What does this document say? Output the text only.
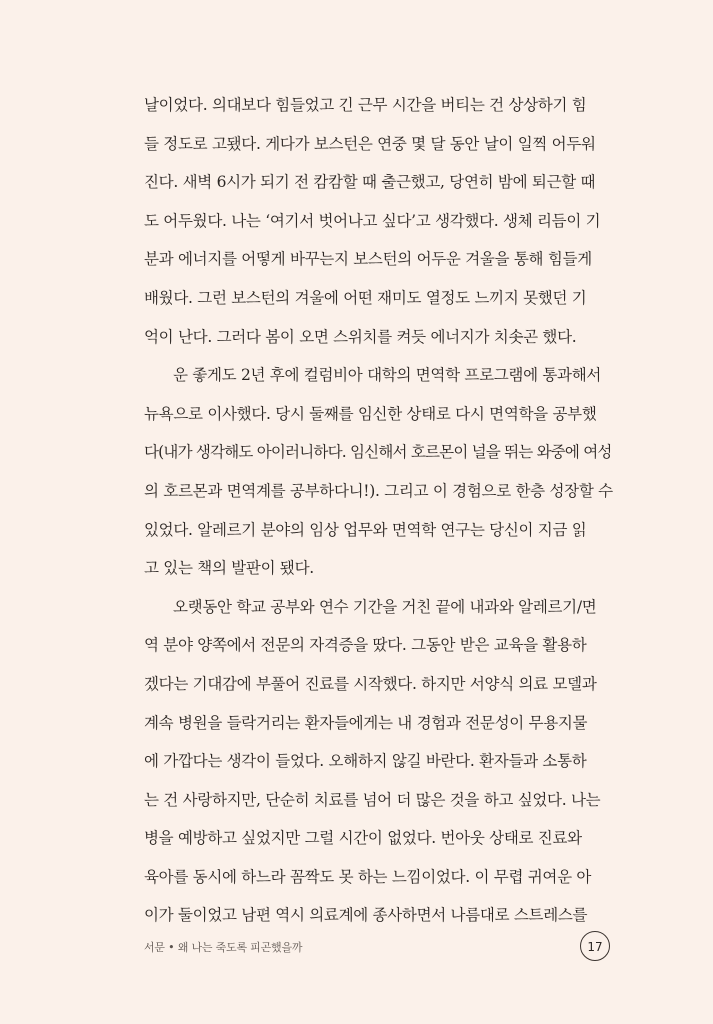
날이었다. 의대보다 힘들었고 긴 근무 시간을 버티는 건 상상하기 힘
들 정도로 고됐다. 게다가 보스턴은 연중 몇 달 동안 날이 일찍 어두워
진다. 새벽 6시가 되기 전 캄캄할 때 출근했고, 당연히 밤에 퇴근할 때
도 어두웠다. 나는 ‘여기서 벗어나고 싶다’고 생각했다. 생체 리듬이 기
분과 에너지를 어떻게 바꾸는지 보스턴의 어두운 겨울을 통해 힘들게
배웠다. 그런 보스턴의 겨울에 어떤 재미도 열정도 느끼지 못했던 기
억이 난다. 그러다 봄이 오면 스위치를 켜듯 에너지가 치솟곤 했다.
운 좋게도 2년 후에 컬럼비아 대학의 면역학 프로그램에 통과해서
뉴욕으로 이사했다. 당시 둘째를 임신한 상태로 다시 면역학을 공부했
다(내가 생각해도 아이러니하다. 임신해서 호르몬이 널을 뛰는 와중에 여성
의 호르몬과 면역계를 공부하다니!). 그리고 이 경험으로 한층 성장할 수
있었다. 알레르기 분야의 임상 업무와 면역학 연구는 당신이 지금 읽
고 있는 책의 발판이 됐다.
오랫동안 학교 공부와 연수 기간을 거친 끝에 내과와 알레르기/면
역 분야 양쪽에서 전문의 자격증을 땄다. 그동안 받은 교육을 활용하
겠다는 기대감에 부풀어 진료를 시작했다. 하지만 서양식 의료 모델과
계속 병원을 들락거리는 환자들에게는 내 경험과 전문성이 무용지물
에 가깝다는 생각이 들었다. 오해하지 않길 바란다. 환자들과 소통하
는 건 사랑하지만, 단순히 치료를 넘어 더 많은 것을 하고 싶었다. 나는
병을 예방하고 싶었지만 그럴 시간이 없었다. 번아웃 상태로 진료와
육아를 동시에 하느라 꼼짝도 못 하는 느낌이었다. 이 무렵 귀여운 아
이가 둘이었고 남편 역시 의료계에 종사하면서 나름대로 스트레스를
서문 • 왜 나는 죽도록 피곤했을까	17
